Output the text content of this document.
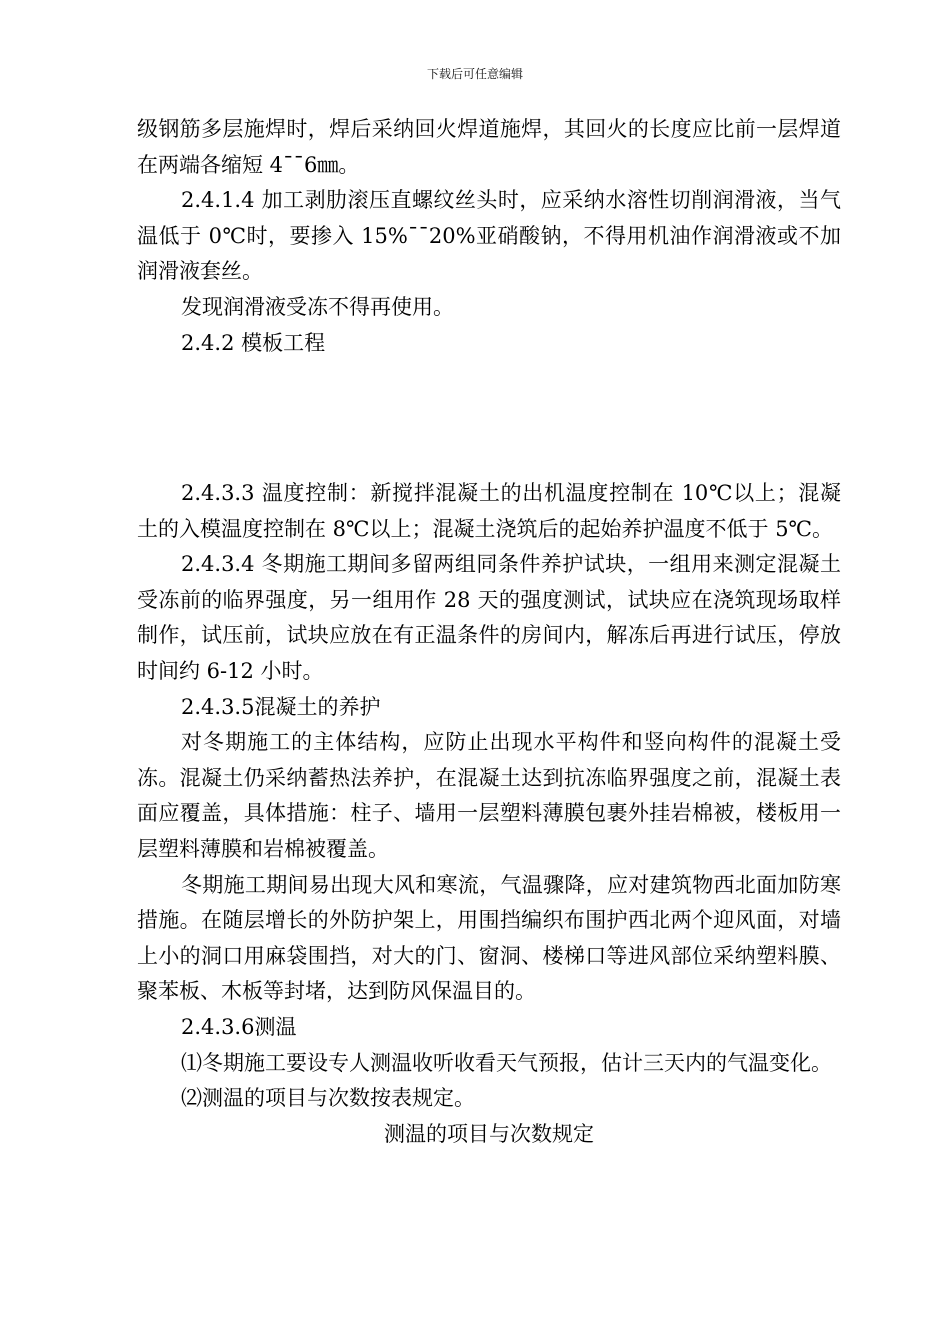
下载后可任意编辑

级钢筋多层施焊时，焊后采纳回火焊道施焊，其回火的长度应比前一层焊道在两端各缩短 4¯¯6㎜。

2.4.1.4 加工剥肋滚压直螺纹丝头时，应采纳水溶性切削润滑液，当气温低于 0℃时，要掺入 15%¯¯20%亚硝酸钠，不得用机油作润滑液或不加润滑液套丝。

发现润滑液受冻不得再使用。

2.4.2 模板工程

2.4.3.3 温度控制：新搅拌混凝土的出机温度控制在 10℃以上；混凝土的入模温度控制在 8℃以上；混凝土浇筑后的起始养护温度不低于 5℃。

2.4.3.4 冬期施工期间多留两组同条件养护试块，一组用来测定混凝土受冻前的临界强度，另一组用作 28 天的强度测试，试块应在浇筑现场取样制作，试压前，试块应放在有正温条件的房间内，解冻后再进行试压，停放时间约 6-12 小时。

2.4.3.5混凝土的养护

对冬期施工的主体结构，应防止出现水平构件和竖向构件的混凝土受冻。混凝土仍采纳蓄热法养护，在混凝土达到抗冻临界强度之前，混凝土表面应覆盖，具体措施：柱子、墙用一层塑料薄膜包裹外挂岩棉被，楼板用一层塑料薄膜和岩棉被覆盖。

冬期施工期间易出现大风和寒流，气温骤降，应对建筑物西北面加防寒措施。在随层增长的外防护架上，用围挡编织布围护西北两个迎风面，对墙上小的洞口用麻袋围挡，对大的门、窗洞、楼梯口等进风部位采纳塑料膜、聚苯板、木板等封堵，达到防风保温目的。

2.4.3.6测温

⑴冬期施工要设专人测温收听收看天气预报，估计三天内的气温变化。

⑵测温的项目与次数按表规定。

测温的项目与次数规定
